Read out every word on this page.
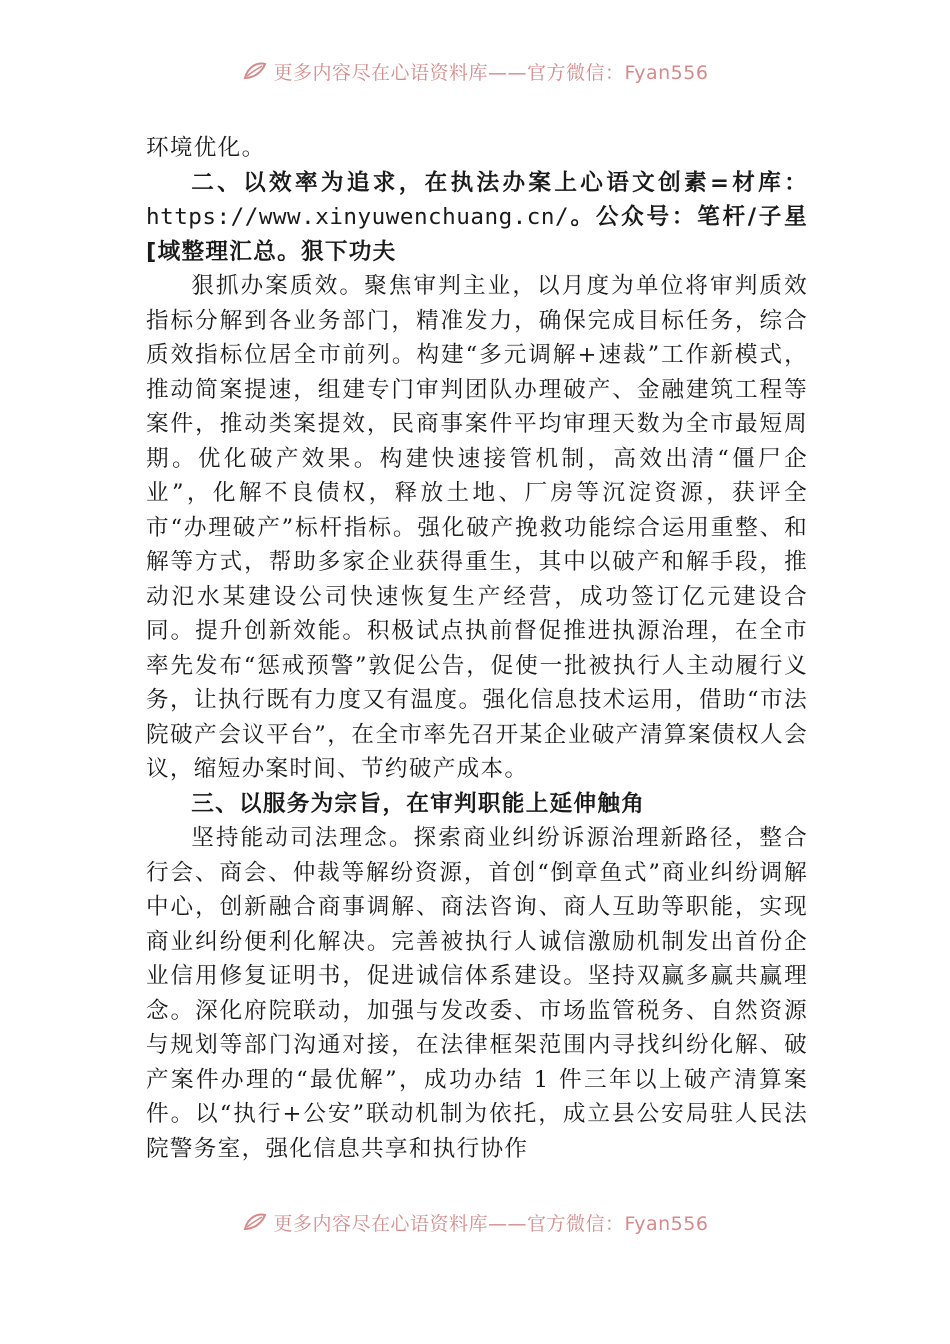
更多内容尽在心语资料库——官方微信：Fyan556

环境优化。

二、以效率为追求，在执法办案上心语文创素=材库：https://www.xinyuwenchuang.cn/。公众号：笔杆/子星[域整理汇总。狠下功夫

狠抓办案质效。聚焦审判主业，以月度为单位将审判质效指标分解到各业务部门，精准发力，确保完成目标任务，综合质效指标位居全市前列。构建“多元调解+速裁”工作新模式，推动简案提速，组建专门审判团队办理破产、金融建筑工程等案件，推动类案提效，民商事案件平均审理天数为全市最短周期。优化破产效果。构建快速接管机制，高效出清“僵尸企业”，化解不良债权，释放土地、厂房等沉淀资源，获评全市“办理破产”标杆指标。强化破产挽救功能综合运用重整、和解等方式，帮助多家企业获得重生，其中以破产和解手段，推动氾水某建设公司快速恢复生产经营，成功签订亿元建设合同。提升创新效能。积极试点执前督促推进执源治理，在全市率先发布“惩戒预警”敦促公告，促使一批被执行人主动履行义务，让执行既有力度又有温度。强化信息技术运用，借助“市法院破产会议平台”，在全市率先召开某企业破产清算案债权人会议，缩短办案时间、节约破产成本。

三、以服务为宗旨，在审判职能上延伸触角

坚持能动司法理念。探索商业纠纷诉源治理新路径，整合行会、商会、仲裁等解纷资源，首创“倒章鱼式”商业纠纷调解中心，创新融合商事调解、商法咨询、商人互助等职能，实现商业纠纷便利化解决。完善被执行人诚信激励机制发出首份企业信用修复证明书，促进诚信体系建设。坚持双赢多赢共赢理念。深化府院联动，加强与发改委、市场监管税务、自然资源与规划等部门沟通对接，在法律框架范围内寻找纠纷化解、破产案件办理的“最优解”，成功办结 1 件三年以上破产清算案件。以“执行+公安”联动机制为依托，成立县公安局驻人民法院警务室，强化信息共享和执行协作

更多内容尽在心语资料库——官方微信：Fyan556
